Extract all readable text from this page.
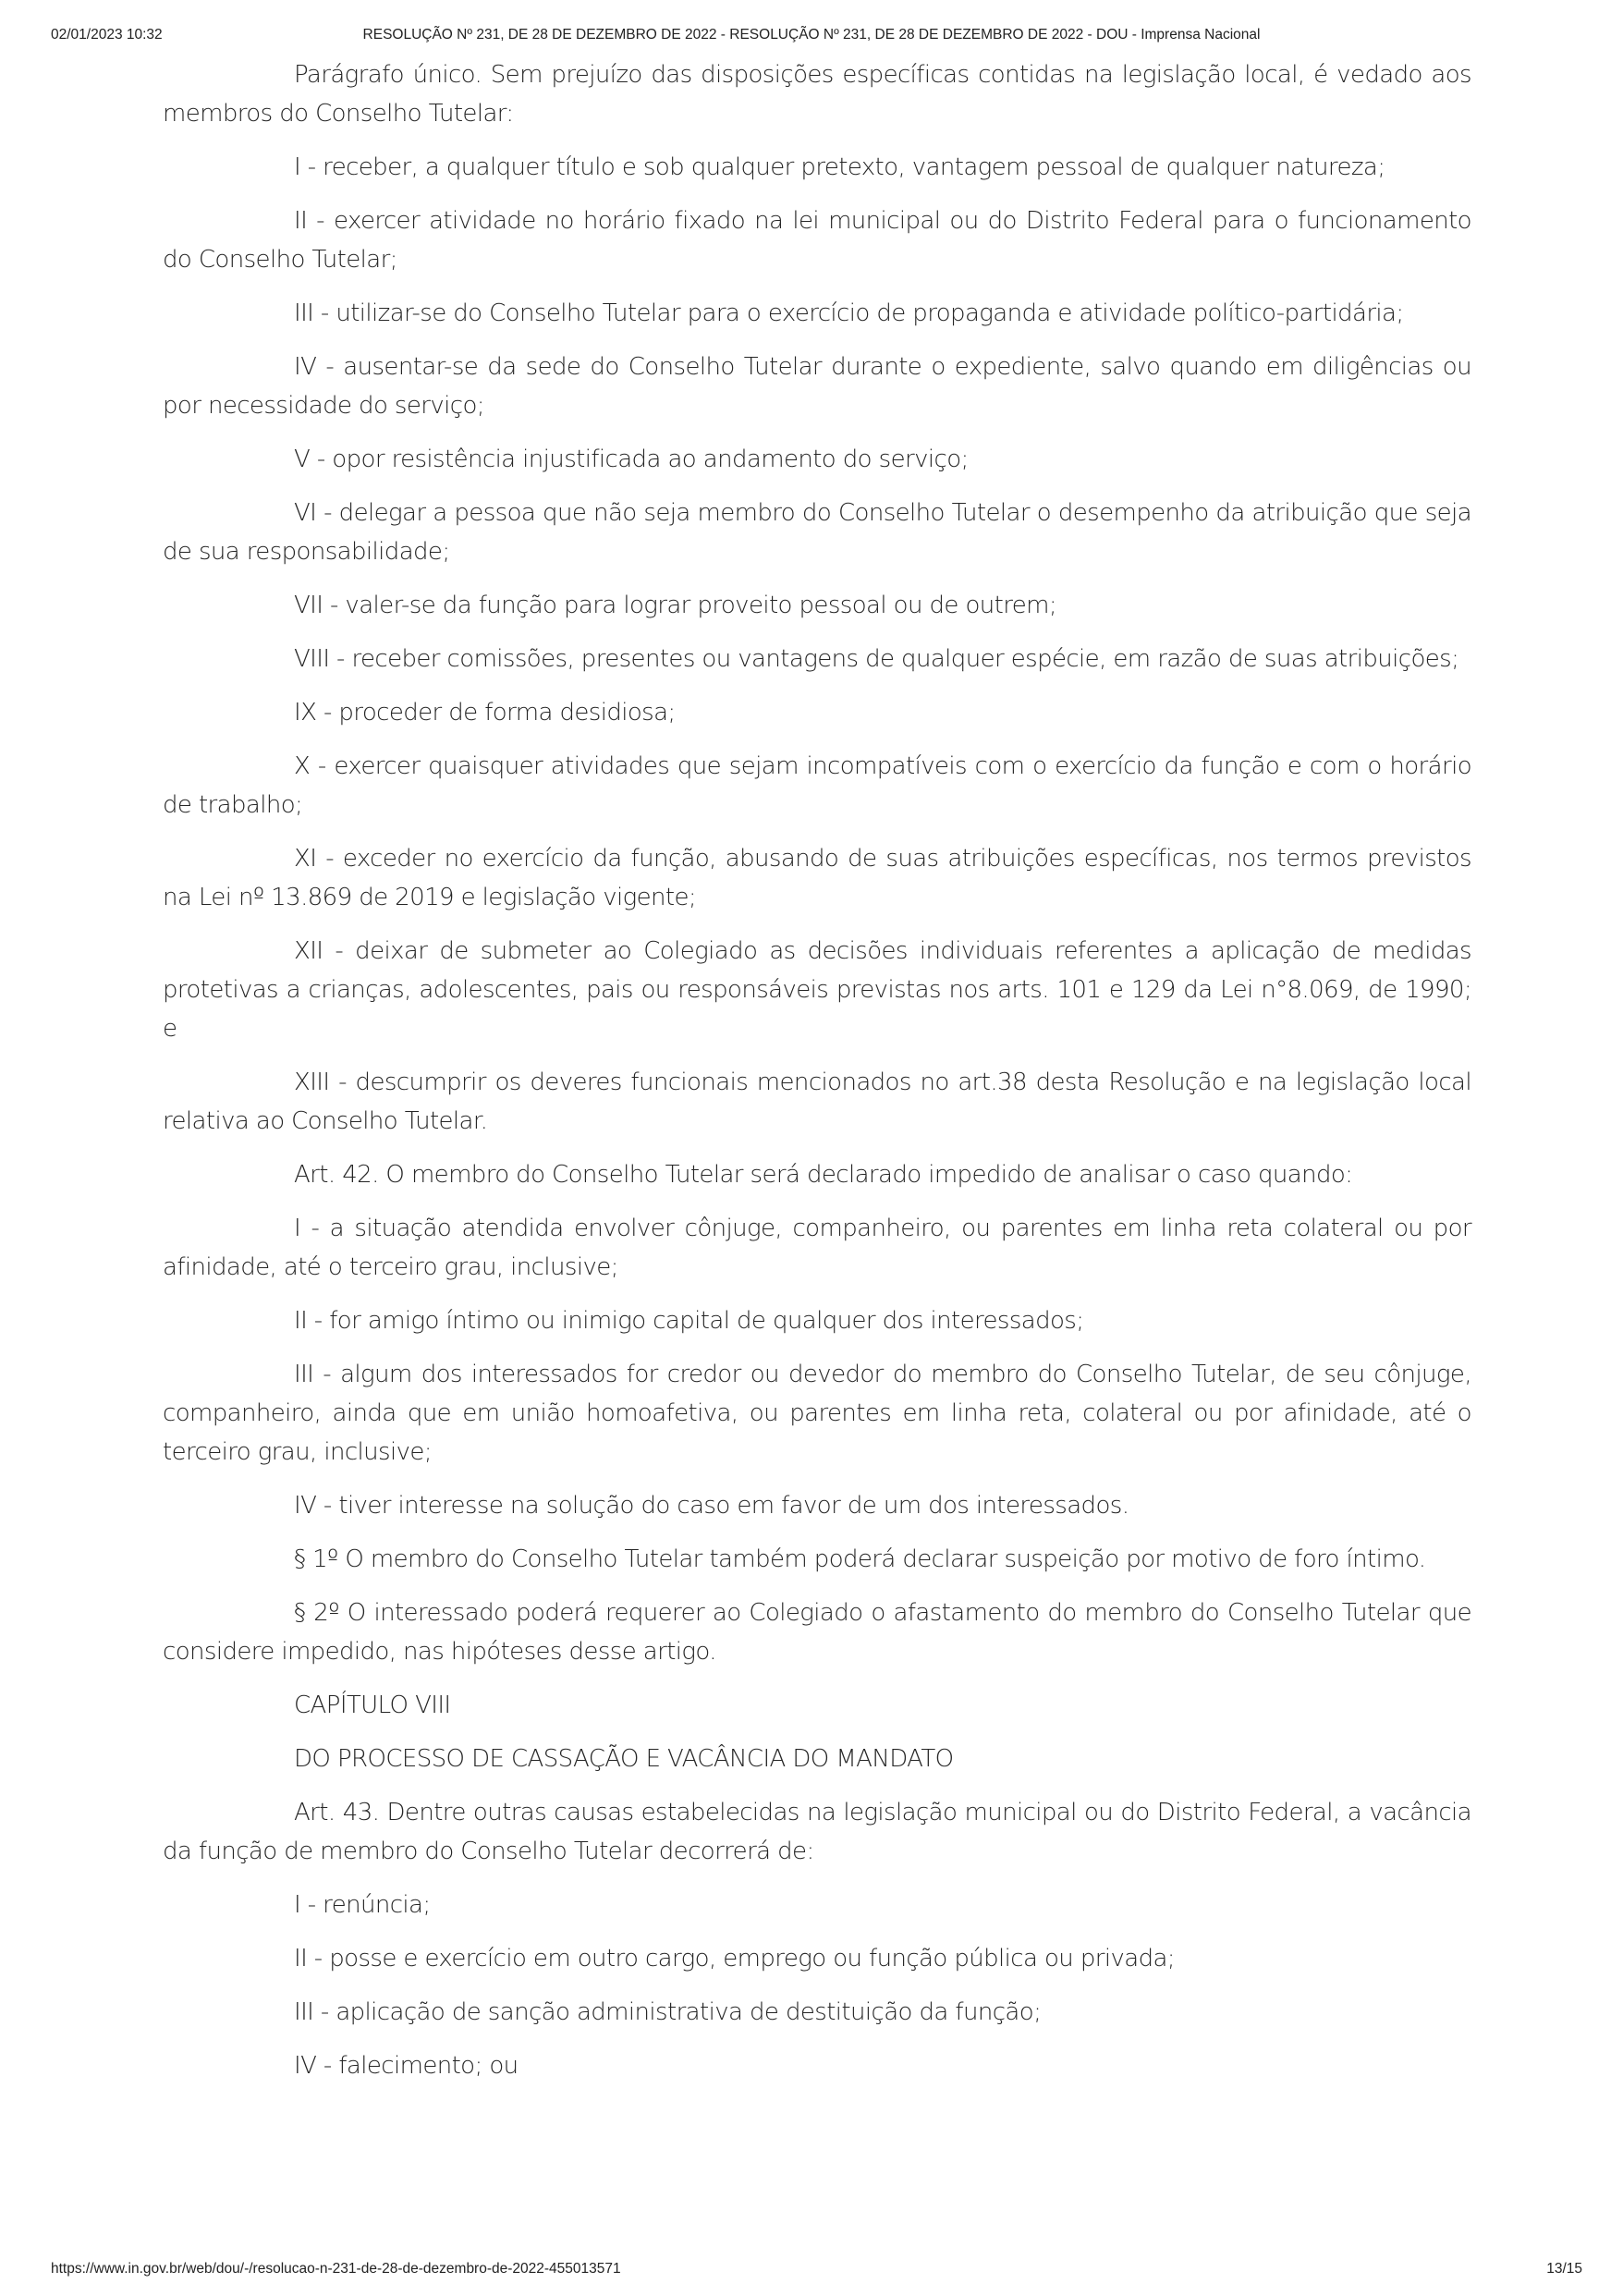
RESOLUÇÃO Nº 231, DE 28 DE DEZEMBRO DE 2022 - RESOLUÇÃO Nº 231, DE 28 DE DEZEMBRO DE 2022 - DOU - Imprensa Nacional
02/01/2023 10:32

Parágrafo único. Sem prejuízo das disposições específicas contidas na legislação local, é vedado aos membros do Conselho Tutelar:

I - receber, a qualquer título e sob qualquer pretexto, vantagem pessoal de qualquer natureza;

II - exercer atividade no horário fixado na lei municipal ou do Distrito Federal para o funcionamento do Conselho Tutelar;

III - utilizar-se do Conselho Tutelar para o exercício de propaganda e atividade político-partidária;

IV - ausentar-se da sede do Conselho Tutelar durante o expediente, salvo quando em diligências ou por necessidade do serviço;

V - opor resistência injustificada ao andamento do serviço;

VI - delegar a pessoa que não seja membro do Conselho Tutelar o desempenho da atribuição que seja de sua responsabilidade;

VII - valer-se da função para lograr proveito pessoal ou de outrem;

VIII - receber comissões, presentes ou vantagens de qualquer espécie, em razão de suas atribuições;

IX - proceder de forma desidiosa;

X - exercer quaisquer atividades que sejam incompatíveis com o exercício da função e com o horário de trabalho;

XI - exceder no exercício da função, abusando de suas atribuições específicas, nos termos previstos na Lei nº 13.869 de 2019 e legislação vigente;

XII - deixar de submeter ao Colegiado as decisões individuais referentes a aplicação de medidas protetivas a crianças, adolescentes, pais ou responsáveis previstas nos arts. 101 e 129 da Lei n°8.069, de 1990; e

XIII - descumprir os deveres funcionais mencionados no art.38 desta Resolução e na legislação local relativa ao Conselho Tutelar.

Art. 42. O membro do Conselho Tutelar será declarado impedido de analisar o caso quando:

I - a situação atendida envolver cônjuge, companheiro, ou parentes em linha reta colateral ou por afinidade, até o terceiro grau, inclusive;

II - for amigo íntimo ou inimigo capital de qualquer dos interessados;

III - algum dos interessados for credor ou devedor do membro do Conselho Tutelar, de seu cônjuge, companheiro, ainda que em união homoafetiva, ou parentes em linha reta, colateral ou por afinidade, até o terceiro grau, inclusive;

IV - tiver interesse na solução do caso em favor de um dos interessados.

§ 1º O membro do Conselho Tutelar também poderá declarar suspeição por motivo de foro íntimo.

§ 2º O interessado poderá requerer ao Colegiado o afastamento do membro do Conselho Tutelar que considere impedido, nas hipóteses desse artigo.

CAPÍTULO VIII

DO PROCESSO DE CASSAÇÃO E VACÂNCIA DO MANDATO

Art. 43. Dentre outras causas estabelecidas na legislação municipal ou do Distrito Federal, a vacância da função de membro do Conselho Tutelar decorrerá de:

I - renúncia;

II - posse e exercício em outro cargo, emprego ou função pública ou privada;

III - aplicação de sanção administrativa de destituição da função;

IV - falecimento; ou

https://www.in.gov.br/web/dou/-/resolucao-n-231-de-28-de-dezembro-de-2022-455013571	13/15
